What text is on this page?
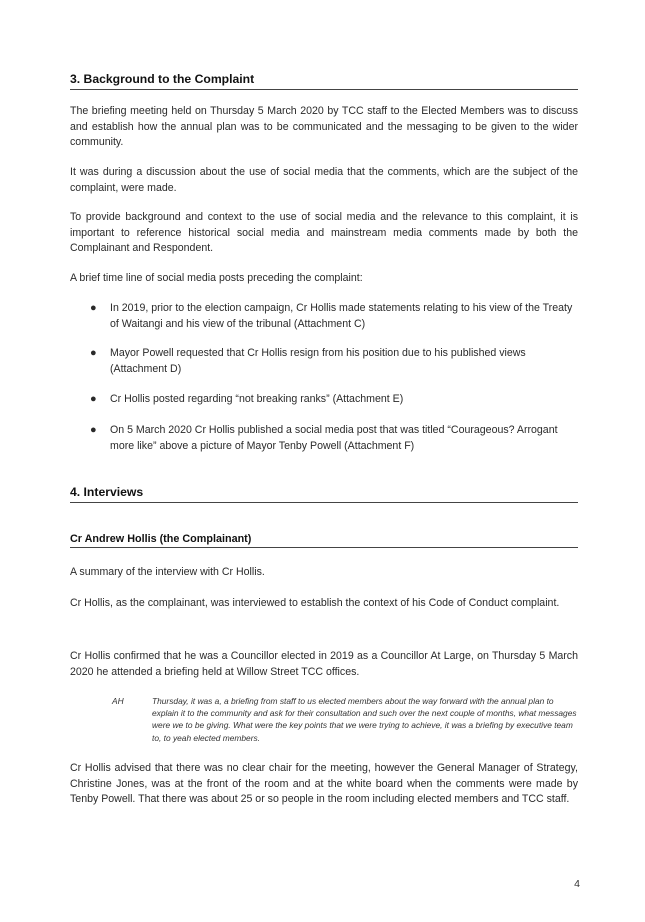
3. Background to the Complaint
The briefing meeting held on Thursday 5 March 2020 by TCC staff to the Elected Members was to discuss and establish how the annual plan was to be communicated and the messaging to be given to the wider community.
It was during a discussion about the use of social media that the comments, which are the subject of the complaint, were made.
To provide background and context to the use of social media and the relevance to this complaint, it is important to reference historical social media and mainstream media comments made by both the Complainant and Respondent.
A brief time line of social media posts preceding the complaint:
●	In 2019, prior to the election campaign, Cr Hollis made statements relating to his view of the Treaty of Waitangi and his view of the tribunal (Attachment C)
●	Mayor Powell requested that Cr Hollis resign from his position due to his published views (Attachment D)
●	Cr Hollis posted regarding “not breaking ranks” (Attachment E)
●	On 5 March 2020 Cr Hollis published a social media post that was titled “Courageous? Arrogant more like” above a picture of Mayor Tenby Powell (Attachment F)
4. Interviews
Cr Andrew Hollis (the Complainant)
A summary of the interview with Cr Hollis.
Cr Hollis, as the complainant, was interviewed to establish the context of his Code of Conduct complaint.
Cr Hollis confirmed that he was a Councillor elected in 2019 as a Councillor At Large, on Thursday 5 March 2020 he attended a briefing held at Willow Street TCC offices.
AH	Thursday, it was a, a briefing from staff to us elected members about the way forward with the annual plan to explain it to the community and ask for their consultation and such over the next couple of months, what messages were we to be giving. What were the key points that we were trying to achieve, it was a briefing by executive team to, to yeah elected members.
Cr Hollis advised that there was no clear chair for the meeting, however the General Manager of Strategy, Christine Jones, was at the front of the room and at the white board when the comments were made by Tenby Powell. That there was about 25 or so people in the room including elected members and TCC staff.
4
